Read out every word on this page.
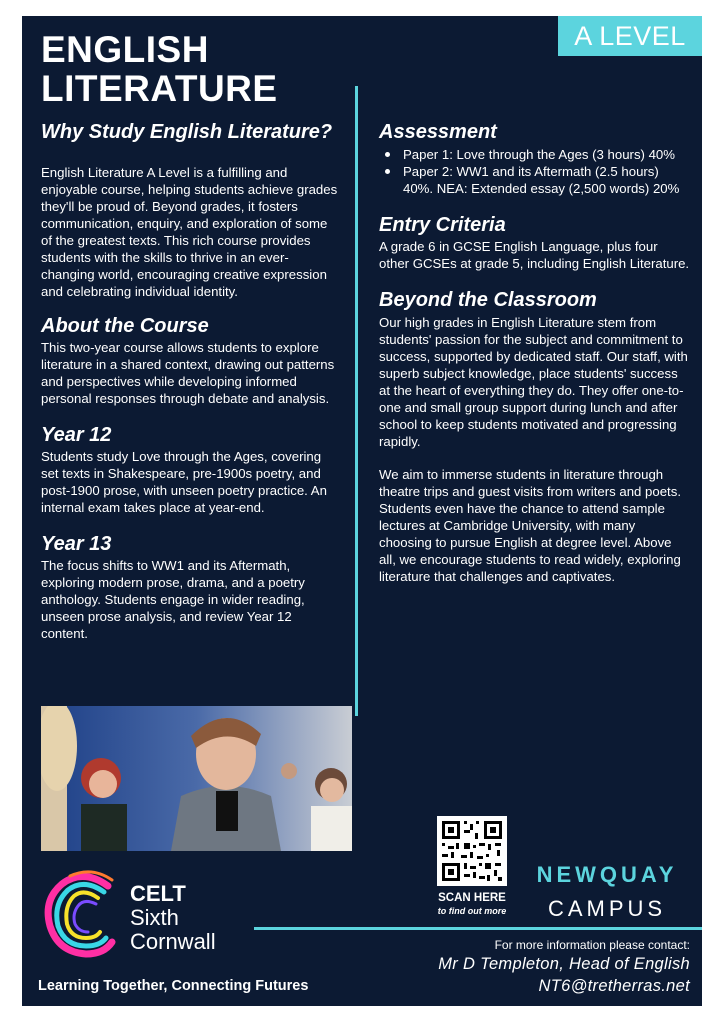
A LEVEL
ENGLISH
LITERATURE
Why Study English Literature?

English Literature A Level is a fulfilling and enjoyable course, helping students achieve grades they'll be proud of. Beyond grades, it fosters communication, enquiry, and exploration of some of the greatest texts. This rich course provides students with the skills to thrive in an ever-changing world, encouraging creative expression and celebrating individual identity.

About the Course

This two-year course allows students to explore literature in a shared context, drawing out patterns and perspectives while developing informed personal responses through debate and analysis.

Year 12

Students study Love through the Ages, covering set texts in Shakespeare, pre-1900s poetry, and post-1900 prose, with unseen poetry practice. An internal exam takes place at year-end.

Year 13

The focus shifts to WW1 and its Aftermath, exploring modern prose, drama, and a poetry anthology. Students engage in wider reading, unseen prose analysis, and review Year 12 content.

Assessment
Paper 1: Love through the Ages (3 hours) 40%
Paper 2: WW1 and its Aftermath (2.5 hours) 40%. NEA: Extended essay (2,500 words) 20%
Entry Criteria

A grade 6 in GCSE English Language, plus four other GCSEs at grade 5, including English Literature.

Beyond the Classroom

Our high grades in English Literature stem from students' passion for the subject and commitment to success, supported by dedicated staff. Our staff, with superb subject knowledge, place students' success at the heart of everything they do. They offer one-to-one and small group support during lunch and after school to keep students motivated and progressing rapidly.

We aim to immerse students in literature through theatre trips and guest visits from writers and poets. Students even have the chance to attend sample lectures at Cambridge University, with many choosing to pursue English at degree level. Above all, we encourage students to read widely, exploring literature that challenges and captivates.

CELT
Sixth
Cornwall
Learning Together, Connecting Futures
SCAN HERE
to find out more
NEWQUAY
CAMPUS
For more information please contact:
Mr D Templeton, Head of English
NT6@tretherras.net
